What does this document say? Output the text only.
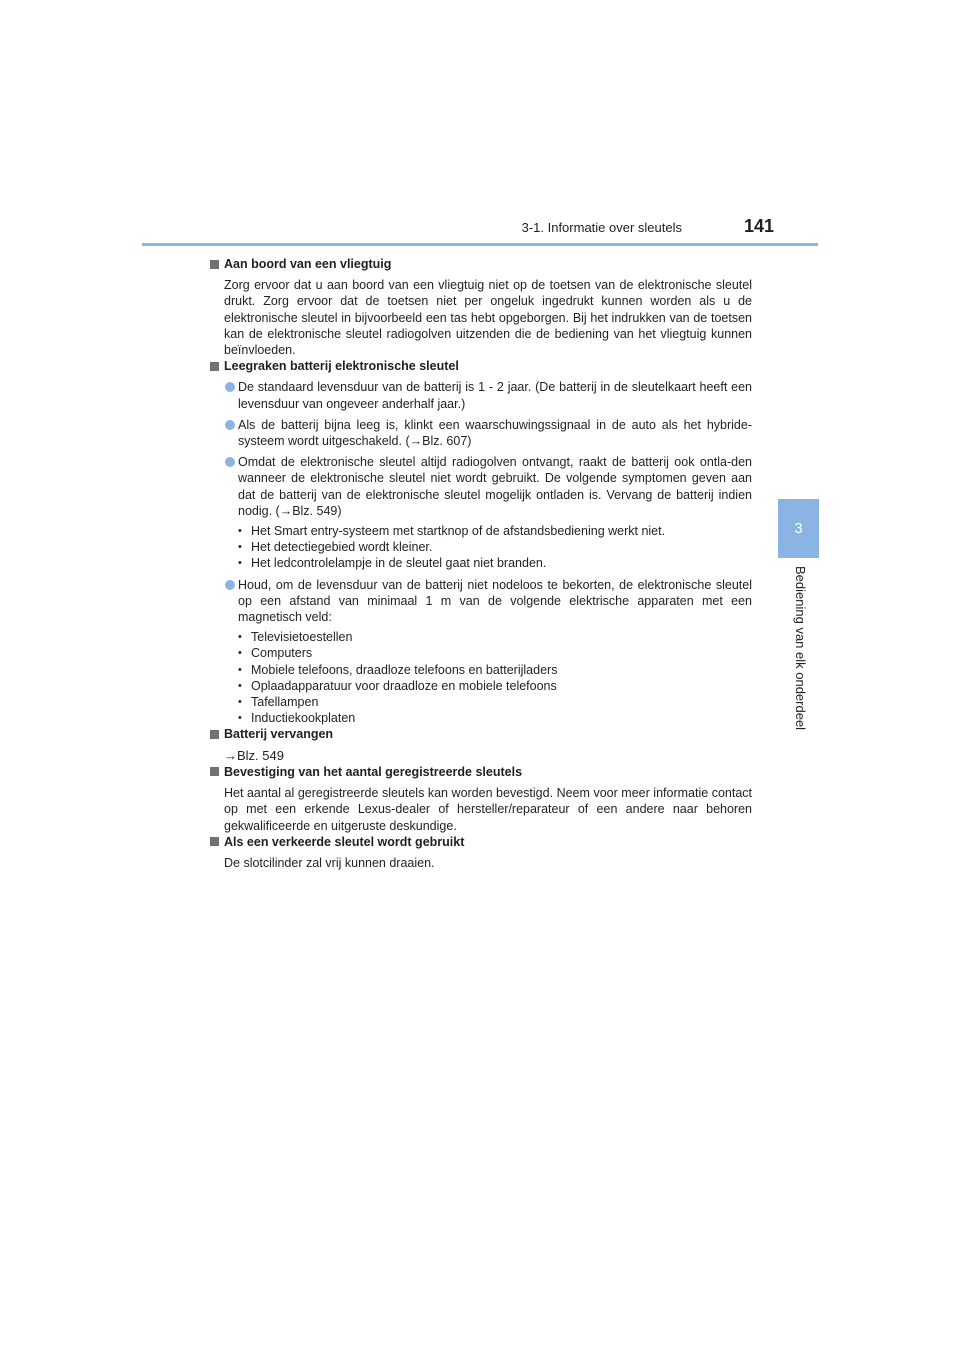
3-1. Informatie over sleutels	141
3
Bediening van elk onderdeel
Aan boord van een vliegtuig
Zorg ervoor dat u aan boord van een vliegtuig niet op de toetsen van de elektronische sleutel drukt. Zorg ervoor dat de toetsen niet per ongeluk ingedrukt kunnen worden als u de elektronische sleutel in bijvoorbeeld een tas hebt opgeborgen. Bij het indrukken van de toetsen kan de elektronische sleutel radiogolven uitzenden die de bediening van het vliegtuig kunnen beïnvloeden.
Leegraken batterij elektronische sleutel
De standaard levensduur van de batterij is 1 - 2 jaar. (De batterij in de sleutelkaart heeft een levensduur van ongeveer anderhalf jaar.)
Als de batterij bijna leeg is, klinkt een waarschuwingssignaal in de auto als het hybride-systeem wordt uitgeschakeld. (→Blz. 607)
Omdat de elektronische sleutel altijd radiogolven ontvangt, raakt de batterij ook ontla-den wanneer de elektronische sleutel niet wordt gebruikt. De volgende symptomen geven aan dat de batterij van de elektronische sleutel mogelijk ontladen is. Vervang de batterij indien nodig. (→Blz. 549)
• Het Smart entry-systeem met startknop of de afstandsbediening werkt niet.
• Het detectiegebied wordt kleiner.
• Het ledcontrolelampje in de sleutel gaat niet branden.
Houd, om de levensduur van de batterij niet nodeloos te bekorten, de elektronische sleutel op een afstand van minimaal 1 m van de volgende elektrische apparaten met een magnetisch veld:
• Televisietoestellen
• Computers
• Mobiele telefoons, draadloze telefoons en batterijladers
• Oplaadapparatuur voor draadloze en mobiele telefoons
• Tafellampen
• Inductiekookplaten
Batterij vervangen
→Blz. 549
Bevestiging van het aantal geregistreerde sleutels
Het aantal al geregistreerde sleutels kan worden bevestigd. Neem voor meer informatie contact op met een erkende Lexus-dealer of hersteller/reparateur of een andere naar behoren gekwalificeerde en uitgeruste deskundige.
Als een verkeerde sleutel wordt gebruikt
De slotcilinder zal vrij kunnen draaien.
